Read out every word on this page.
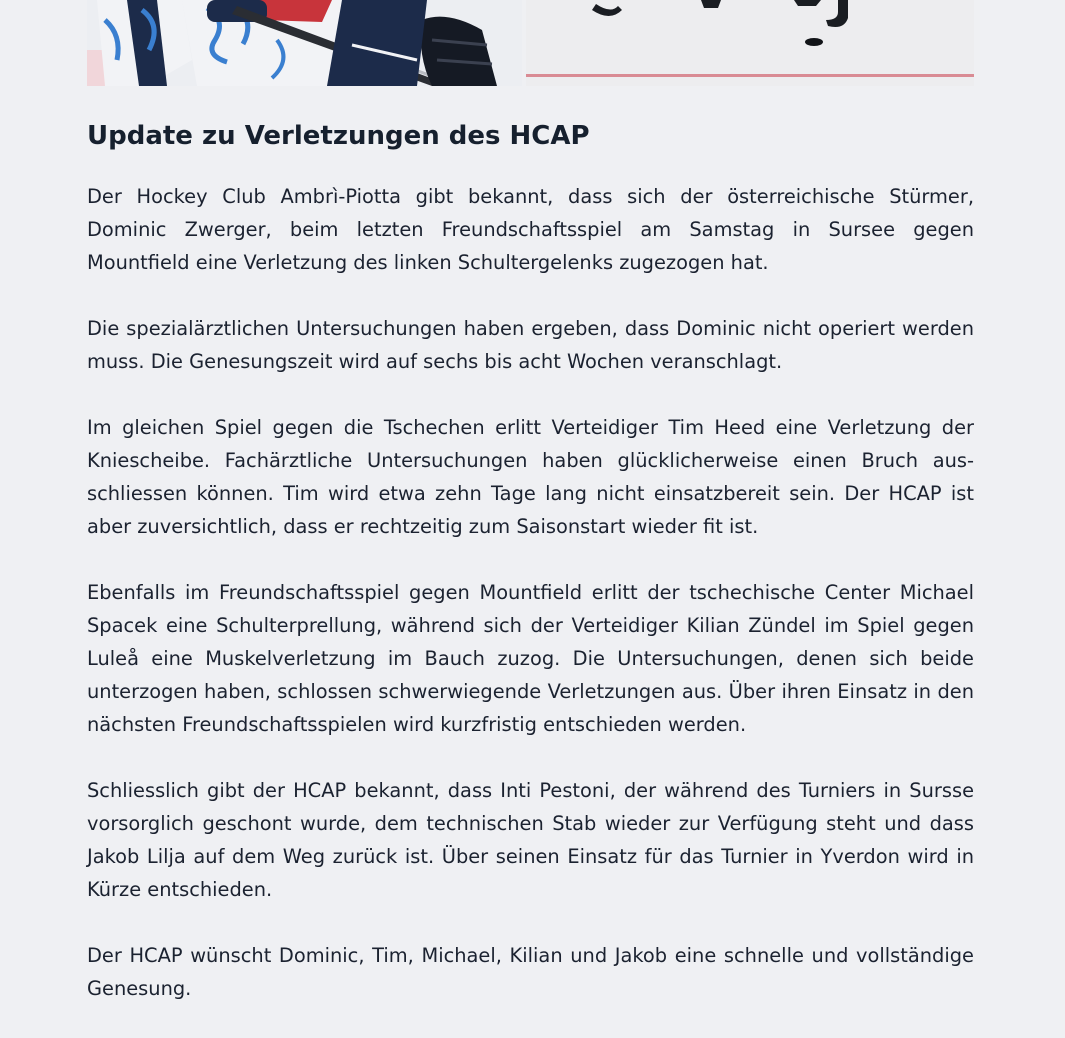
Update zu Verletzungen des HCAP

Der Hockey Club Ambrì-Piotta gibt bekannt, dass sich der österreichische Stürmer, Dominic Zwerger, beim letzten Freundschaftsspiel am Samstag in Sursee gegen Mountfield eine Verletzung des linken Schultergelenks zugezogen hat.

Die spezialärztlichen Untersuchungen haben ergeben, dass Dominic nicht operiert werden muss. Die Genesungszeit wird auf sechs bis acht Wochen veranschlagt.

Im gleichen Spiel gegen die Tschechen erlitt Verteidiger Tim Heed eine Verletzung der Kniescheibe. Fachärztliche Untersuchungen haben glücklicherweise einen Bruch ausschliessen können. Tim wird etwa zehn Tage lang nicht einsatzbereit sein. Der HCAP ist aber zuversichtlich, dass er rechtzeitig zum Saisonstart wieder fit ist.

Ebenfalls im Freundschaftsspiel gegen Mountfield erlitt der tschechische Center Michael Spacek eine Schulterprellung, während sich der Verteidiger Kilian Zündel im Spiel gegen Luleå eine Muskelverletzung im Bauch zuzog. Die Untersuchungen, denen sich beide unterzogen haben, schlossen schwerwiegende Verletzungen aus. Über ihren Einsatz in den nächsten Freundschaftsspielen wird kurzfristig entschieden werden.

Schliesslich gibt der HCAP bekannt, dass Inti Pestoni, der während des Turniers in Sursse vorsorglich geschont wurde, dem technischen Stab wieder zur Verfügung steht und dass Jakob Lilja auf dem Weg zurück ist. Über seinen Einsatz für das Turnier in Yverdon wird in Kürze entschieden.

Der HCAP wünscht Dominic, Tim, Michael, Kilian und Jakob eine schnelle und vollständige Genesung.
